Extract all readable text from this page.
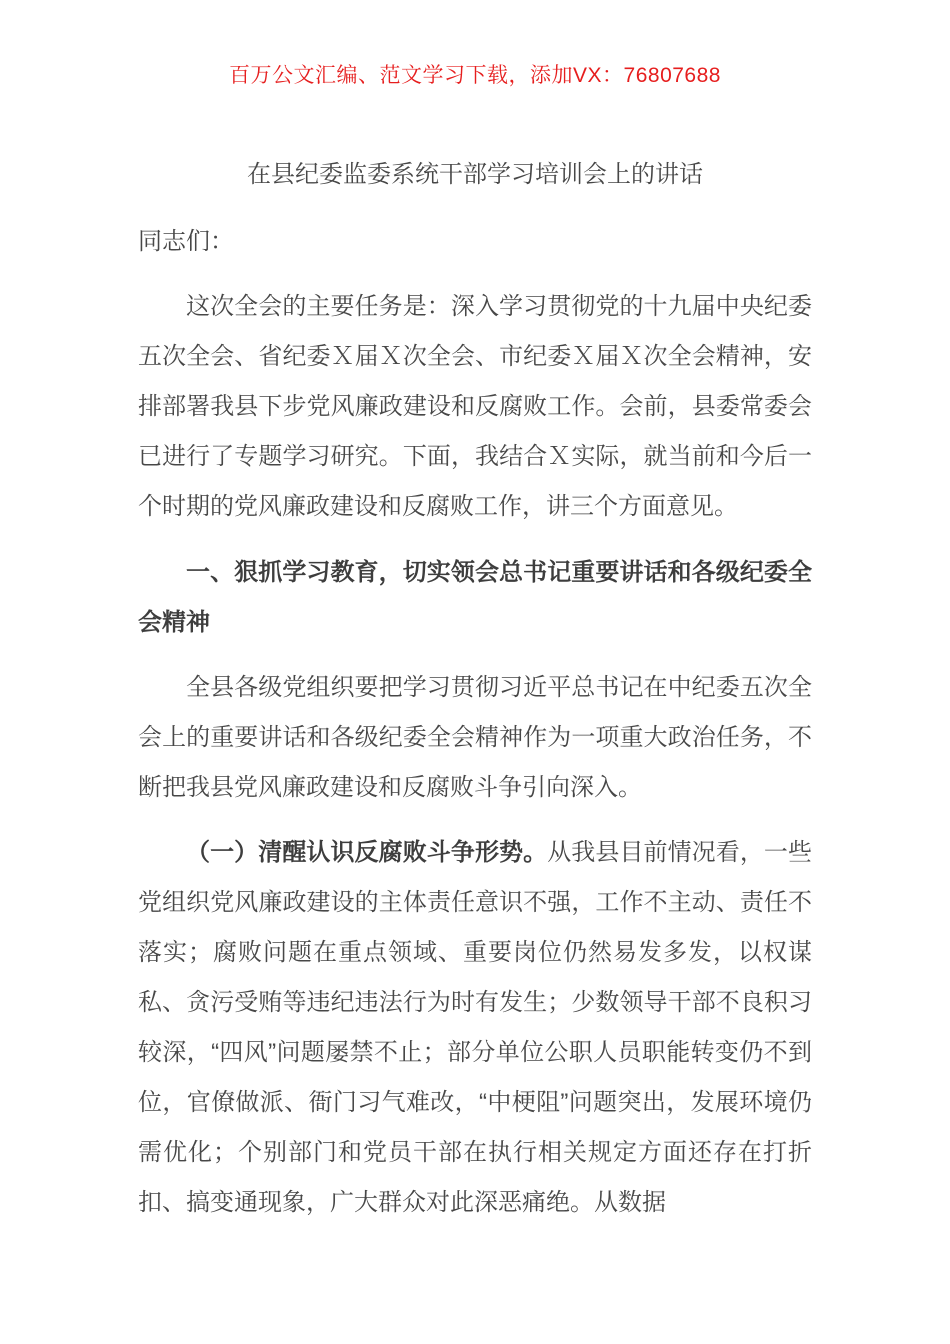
百万公文汇编、范文学习下载，添加VX：76807688
在县纪委监委系统干部学习培训会上的讲话

同志们：

这次全会的主要任务是：深入学习贯彻党的十九届中央纪委五次全会、省纪委Ｘ届Ｘ次全会、市纪委Ｘ届Ｘ次全会精神，安排部署我县下步党风廉政建设和反腐败工作。会前，县委常委会已进行了专题学习研究。下面，我结合Ｘ实际，就当前和今后一个时期的党风廉政建设和反腐败工作，讲三个方面意见。

一、狠抓学习教育，切实领会总书记重要讲话和各级纪委全会精神

全县各级党组织要把学习贯彻习近平总书记在中纪委五次全会上的重要讲话和各级纪委全会精神作为一项重大政治任务，不断把我县党风廉政建设和反腐败斗争引向深入。

（一）清醒认识反腐败斗争形势。从我县目前情况看，一些党组织党风廉政建设的主体责任意识不强，工作不主动、责任不落实；腐败问题在重点领域、重要岗位仍然易发多发，以权谋私、贪污受贿等违纪违法行为时有发生；少数领导干部不良积习较深，“四风”问题屡禁不止；部分单位公职人员职能转变仍不到位，官僚做派、衙门习气难改，“中梗阻”问题突出，发展环境仍需优化；个别部门和党员干部在执行相关规定方面还存在打折扣、搞变通现象，广大群众对此深恶痛绝。从数据
